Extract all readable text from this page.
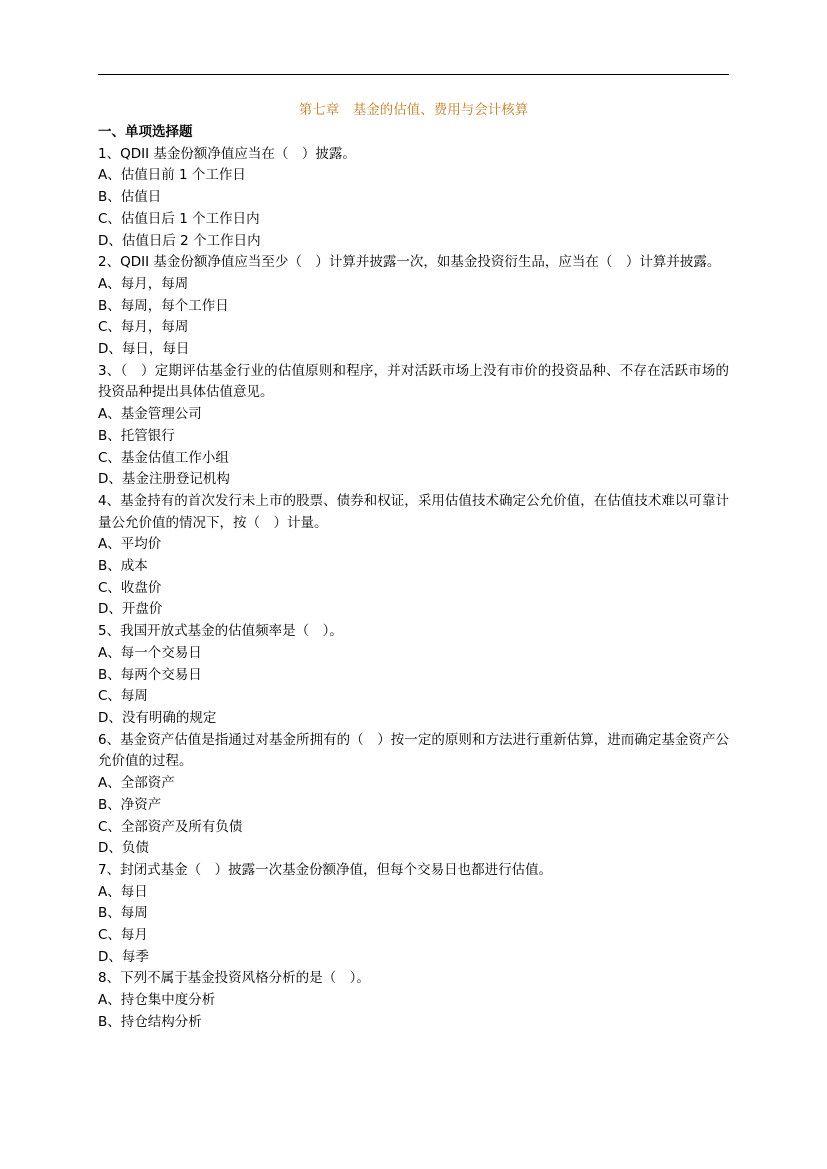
第七章　基金的估值、费用与会计核算

一、单项选择题

1、QDII 基金份额净值应当在（　）披露。

A、估值日前 1 个工作日

B、估值日

C、估值日后 1 个工作日内

D、估值日后 2 个工作日内

2、QDII 基金份额净值应当至少（　）计算并披露一次，如基金投资衍生品，应当在（　）计算并披露。

A、每月，每周

B、每周，每个工作日

C、每月，每周

D、每日，每日

3、（　）定期评估基金行业的估值原则和程序，并对活跃市场上没有市价的投资品种、不存在活跃市场的投资品种提出具体估值意见。

A、基金管理公司

B、托管银行

C、基金估值工作小组

D、基金注册登记机构

4、基金持有的首次发行未上市的股票、债券和权证，采用估值技术确定公允价值，在估值技术难以可靠计量公允价值的情况下，按（　）计量。

A、平均价

B、成本

C、收盘价

D、开盘价

5、我国开放式基金的估值频率是（　）。

A、每一个交易日

B、每两个交易日

C、每周

D、没有明确的规定

6、基金资产估值是指通过对基金所拥有的（　）按一定的原则和方法进行重新估算，进而确定基金资产公允价值的过程。

A、全部资产

B、净资产

C、全部资产及所有负债

D、负债

7、封闭式基金（　）披露一次基金份额净值，但每个交易日也都进行估值。

A、每日

B、每周

C、每月

D、每季

8、下列不属于基金投资风格分析的是（　）。

A、持仓集中度分析

B、持仓结构分析
